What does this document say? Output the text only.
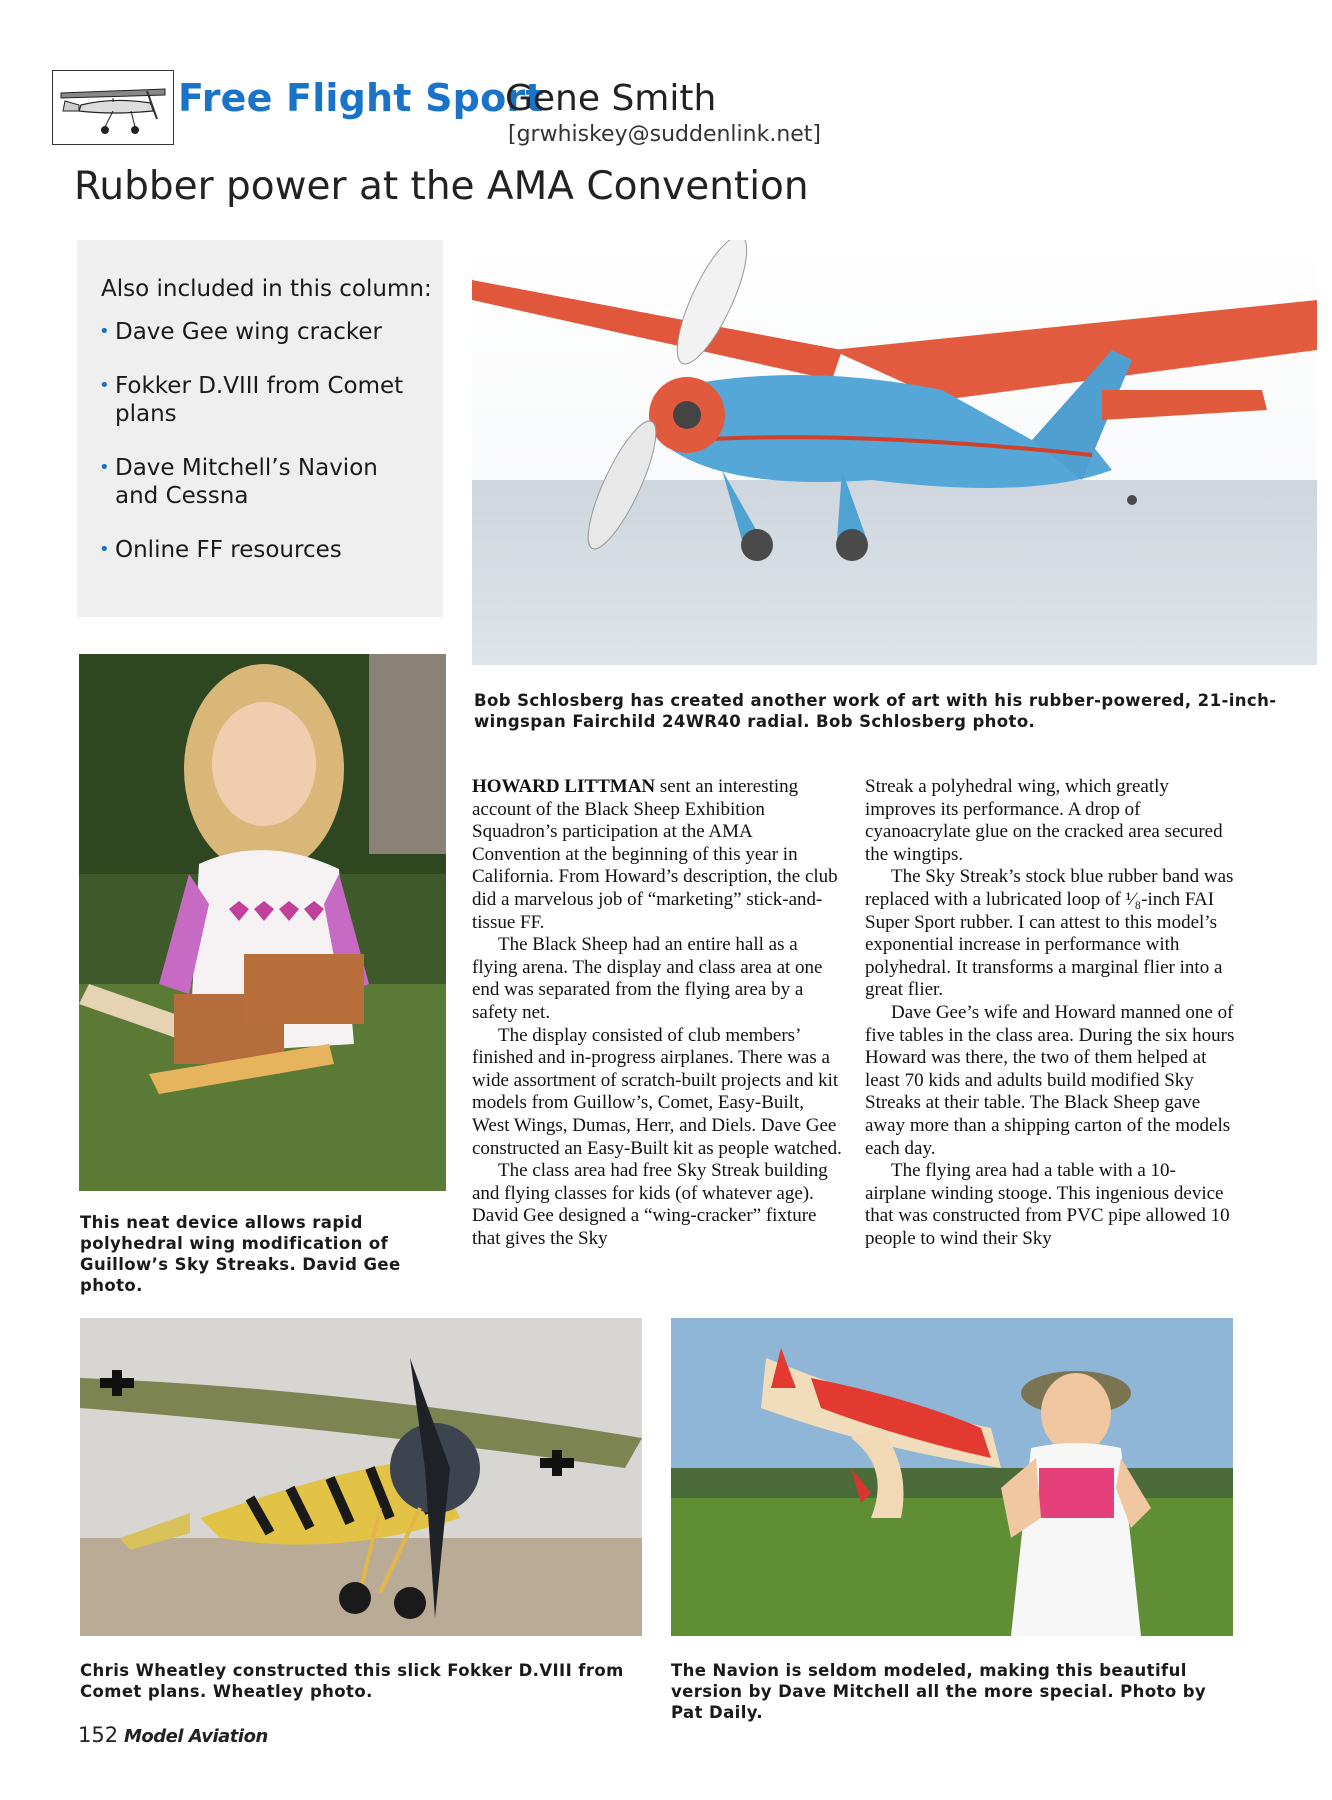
Free Flight Sport
Gene Smith
[grwhiskey@suddenlink.net]
Rubber power at the AMA Convention
Also included in this column:
• Dave Gee wing cracker
• Fokker D.VIII from Comet plans
• Dave Mitchell’s Navion and Cessna
• Online FF resources
Bob Schlosberg has created another work of art with his rubber-powered, 21-inch-wingspan Fairchild 24WR40 radial. Bob Schlosberg photo.
This neat device allows rapid polyhedral wing modification of Guillow’s Sky Streaks. David Gee photo.

HOWARD LITTMAN sent an interesting account of the Black Sheep Exhibition Squadron’s participation at the AMA Convention at the beginning of this year in California. From Howard’s description, the club did a marvelous job of “marketing” stick-and-tissue FF.

The Black Sheep had an entire hall as a flying arena. The display and class area at one end was separated from the flying area by a safety net.

The display consisted of club members’ finished and in-progress airplanes. There was a wide assortment of scratch-built projects and kit models from Guillow’s, Comet, Easy-Built, West Wings, Dumas, Herr, and Diels. Dave Gee constructed an Easy-Built kit as people watched.

The class area had free Sky Streak building and flying classes for kids (of whatever age). David Gee designed a “wing-cracker” fixture that gives the Sky

Streak a polyhedral wing, which greatly improves its performance. A drop of cyanoacrylate glue on the cracked area secured the wingtips.

The Sky Streak’s stock blue rubber band was replaced with a lubricated loop of ¹⁄₈-inch FAI Super Sport rubber. I can attest to this model’s exponential increase in performance with polyhedral. It transforms a marginal flier into a great flier.

Dave Gee’s wife and Howard manned one of five tables in the class area. During the six hours Howard was there, the two of them helped at least 70 kids and adults build modified Sky Streaks at their table. The Black Sheep gave away more than a shipping carton of the models each day.

The flying area had a table with a 10-airplane winding stooge. This ingenious device that was constructed from PVC pipe allowed 10 people to wind their Sky

Chris Wheatley constructed this slick Fokker D.VIII from Comet plans. Wheatley photo.
The Navion is seldom modeled, making this beautiful version by Dave Mitchell all the more special. Photo by Pat Daily.
152 Model Aviation
